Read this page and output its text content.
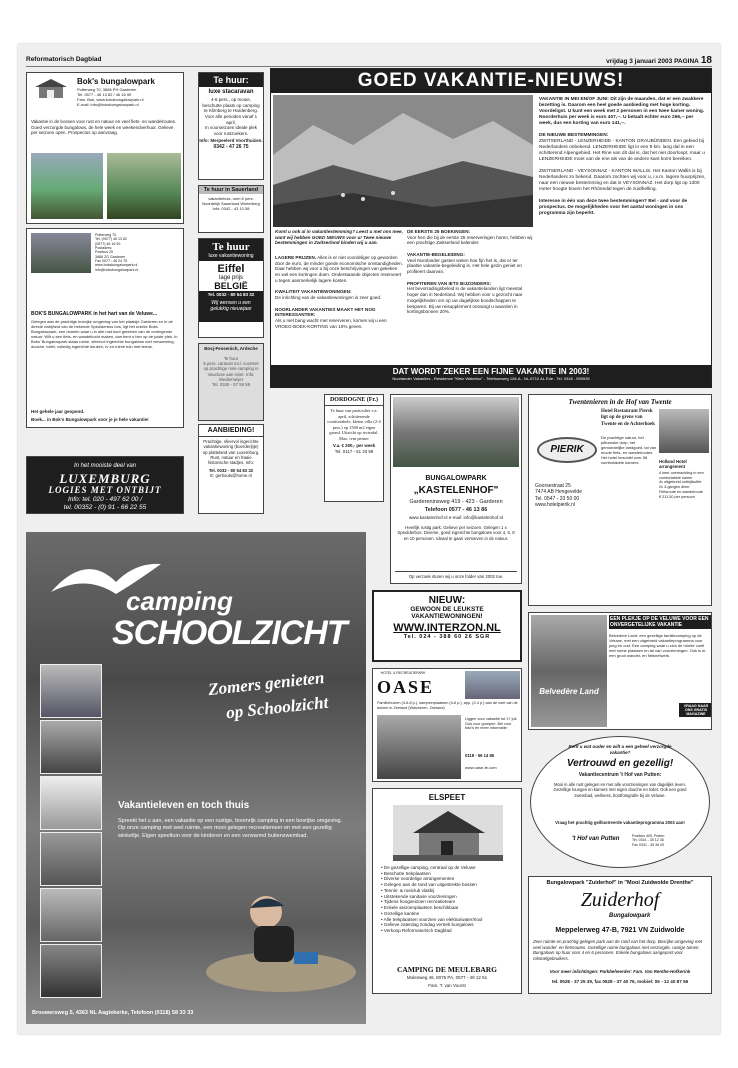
Reformatorisch Dagblad	vrijdag 3 januari 2003 PAGINA 18
Bok's bungalowpark
Putterweg 70, 3886 PH Garderen
Tel. 0577 - 46 13 82 / 46 16 90
Fam. Bok, www.boksbungalowpark.nl
E-mail: info@boksbungalowpark.nl
Vakantie in de bossen voor rust en natuur en veel fiets- en wandelroutes. Goed verzorgde bungalows, de hele week en weekendverhuur. Gelieve per seizoen open. Prospectus op aanvraag.
Putterweg 70
Tel. (0577) 46 13 82
(0577) 46 16 90
Postadres:
Postbus 25
3886 ZG Garderen
Fax 0577 - 46 24 75
www.boksbungalowpark.nl
info@boksbungalowpark.nl
BOK'S BUNGALOWPARK in het hart van de Veluwe...
Gelegen aan de prachtige bosrijke omgeving van het plaatsje Garderen en in de directe nabijheid van de bekende Speulderbos bos, ligt het unieke Boks Bungalowpark, een domein waar u in alle rust kunt genieten van de omringende natuur. Wilt u een fiets- en wandeltocht maken, dan bent u hier op de juiste plek. In Boks' Bungalowpark staan ruime, sfeervol ingerichte bungalows met verwarming, douche, toilet, volledig ingerichte keuken, tv en ruime tuin met terras.
Het gehele jaar geopend.
Boek... in Bok's Bungalowpark voor je je hele vakantie!
In het mooiste deel van
LUXEMBURG
LOGIES MET ONTBIJT
Info: tel. 020 - 497 62 00 /
tel. 00352 - (0) 91 - 66 22 55
Te huur:
luxe stacaravan
4-6 pers., op mooie, beschutte plaats op camping te Klimberg te Hardenberg.
Voor alle perioden vanaf 1 april.
In voorseizoen ideale plek voor rustzoekers.
Info: Merpeelerd Voorthuizen.
0342 - 47 26 75
Te huur in Sauerland
vakantiehuis, ruim 6 pers. Noordelijk Sauerland Winterberg
Info: 0342 - 43 10 58
Te huur
luxe vakantiewoning
Eiffel
lage prijs
BELGIË
Tel. 0032 - 80 54 83 32
Wij wensen u een gelukkig nieuwjaar
Bosj-Fessenich, Ardeche
Te huur
5 pers. caravan incl. voortent op prachtige mini-camping in Vaucluse aan rivier. Info: Wedermeijer
Tel. 0345 - 57 59 59
AANBIEDING!
Prachtige, sfeervol ingerichte vakantiewoning (boerderijtje) op platteland van Luxemburg. Rust, natuur en fraaie historische stadjes. Info:
Tel. 0032 - 80 54 83 32
E: gerbouts@home.nl
GOED VAKANTIE-NIEUWS!
Komt u ook al in vakantiestemming? Leest u met ons mee, want wij hebben GOED NIEUWS voor u! Twee nieuwe bestemmingen in Zwitserland binden wij u aan.
LAGERE PRIJZEN. Alles is er niet voordeliger op geworden door de euro, de minder goede economische omstandigheden. Daar hebben wij voor u bij onze beschrijvingen van gekeken en wel een kortingen doen. Onderstaande objecten reserveert u tegen aanmerkelijk lagere kosten.

KWALITEIT VAKANTIEWONINGEN:
De inrichting van de vakantiewoningen is zeer goed.

NOORLANDER VAKANTIES MAAKT HET NOG INTERESSANTER:
Als u niet bang wacht met reserveren, komen wij u een VROEG-BOEK-KORTING van 10% geven.
DE EERSTE 25 BOEKINGEN:
Voor hen die bij de eerste 25 reserveringen horen, hebben wij een prachtige Zwitserland kalender.

VAKANTIE-BEGELEIDING:
Veel Noorlander gasten weten hoe fijn het is, dat er ter plaatse vakantie-begeleiding is. Het hele gezin geniet en profiteert daarvan.

PROFITEREN VAN IETS BIJZONDERS:
Het bevorradingsbeleid in de vakantielanden ligt meestal hoger dan in Nederland. Wij hebben voor u gezocht naar mogelijkheden om op uw dagelijkse boodschappen te besparen. Bij uw reisupplement ontvangt u waarden in kortingsbonnen 20%.
VAKANTIE IN MEI EN/OF JUNI: Dit zijn de maanden, dat er een zwakkere bezetting is. Daarom een heel goede aanbieding met hoge korting. Voordeligst. U kunt een week met 2 personen in een twee kamer woning. Noorderhuis per week is euro 407,--. U betaalt echter euro 266,-- per week, dus een korting van euro 141,--.

DE NIEUWE BESTEMMINGEN:
ZWITSERLAND - LENZERHEIDE - KANTON GRAUBÜNDEN. Een gebied bij Nederlanders onbekend. LENZERHEIDE ligt in een 8 km. lang dal in een schitterend Alpengebied. Het Rine van dit dal is, dat het niet doorloopt, maar u LENZERHEIDE moet van de ene als van de andere kant komt bereiken.

ZWITSERLAND - VEYSONNAZ - KANTON WALLIS. Het Kanton Wallis is bij Nederlanders zo bekend. Daarom zochten wij voor u, i.v.m. lagere huurprijzen, naar een nieuwe bestemming en dat is VEYSONNAZ. Het dorp ligt op 1300 meter hoogte boven het Rhônedal tegen de zuidhelling.

Interesse in één van deze twee bestemmingen? Bel - and voor de prospectus. De mogelijkheden voor het aantal woningen in ons programma zijn beperkt.
DAT WORDT ZEKER EEN FIJNE VAKANTIE IN 2003!
Noorlander Vakanties - Residence "Klein Waterloo" - Telefoonweg 128-A - NL-6712 AL Ede - Tel. 0318 - 590539
DORDOGNE (Fr.)
Te huur van particulier v.a. april, schitterende comfortabele, kleine villa (2-4 pers.) op 1500 m2 eigen grond. Uitzicht op rivierdal. Max. ivm penser
V.a. € 200,- per week
Tel. 0117 - 61 33 99
BUNGALOWPARK
„KASTELENHOF"
Gardereninsweg 419 - 423 - Garderen
Telefoon 0577 - 46 13 86
www.kastelenhof.nl e-mail: info@kastelenhof.nl
Heerlijk rustig park. Gelieve per seizoen. Gelegen 1 x Speulderbos. Diverse, goed ingerichte bungalows voor 4, 6, 8 en 10 personen. Ideaal te gaan vertoeven in de natuur.
Op verzoek sturen wij u onze folder van 2002 toe.
NIEUW:
GEWOON DE LEUKSTE VAKANTIEWONINGEN!
WWW.INTERZON.NL
Tel. 024 - 388 60 26 SGR
HOTEL & RECREATIEPARK
OASE
Familiehuizen (4-6-8 p.), kampeerplaatsen (4-6 p.), app. (2-4 p.) aan de voet van de duinen in Zeeland (Walcheren, Zeeland)
Liggen voor vakantie tot 17 juli. Ook voor groepen. Bel voor foto's en meer informatie:
0118 - 56 14 85
www.oase-fe.com
ELSPEET
• De gezellige camping, centraal op de Veluwe
• Beschutte trekplaatsen
• Diverse voordelige arrangementen
• Gelegen aan de rand van uitgestrekte bossen
• Tennis- & roeiclub vlakbij
• Uitstekende sanitaire voorzieningen
• Tijdens hoogseizoen recreatieteam
• Enkele seizoenplaatsen beschikbaar
• Gezellige kantine
• Alle trekplaatsen voorzien van elektra/water/riool
• Gelieve zaterdag zondag vertrek bungalows
• Verkoop Reformatorisch Dagblad
CAMPING DE MEULEBARG
Molenweg 46, 8075 PA, 0577 - 49 12 51
Fam. T. van Voorst
camping
SCHOOLZICHT
Zomers genieten
op Schoolzicht
Vakantieleven en toch thuis
Spreekt het u aan, een vakantie op een rustige, boomrijk camping in een bosrijke omgeving. Op onze camping met veel ruimte, een mooi gelegen recreatiemeer en met een gezellig winkeltje. Eigen speeltuin voor de kinderen en een verwarmd buitenzwembad.
Brouwersweg 5, 4363 NL Aagtekerke, Telefoon (0118) 58 33 33
Twentenieren in de Hof van Twente
Hotel Restaurant Piersk ligt op de grens van Twente en de Achterhoek
PIERIK
De prachtige natuur, het pittoreske dorp, het gemoedelijke landgoed, tal van mooie fiets- en wandelroutes. Het hotel beschikt over 58 comfortabele kamers.
Goorsestraat 25
7474 AB Hengevelde
Tel. 0547 - 33 50 00
www.hotelpierik.nl
Holland Hotel arrangement
4 keer overnachting in een comfortabele kamer
4x uitgebreid ontbijtbuffet
2x 3-gangen diner
Fietsroute en wandelroute
€ 211,50 per persoon
Belvedère Land
EEN PLEKJE OP DE VELUWE VOOR EEN ONVERGETELIJKE VAKANTIE
Belvedère Land: een gezellige familiecamping op de Veluwe, met een uitgebreid vakantieprogramma voor jong en oud. Een camping waar u zich de ruimte voelt met ruime plaatsen en tal van voorzieningen. Ook is er een groot wandel- en fietsnetwerk.
VRAAG NAAR ONS GRATIS MAGAZINE
Bent u wat ouder en wilt u een geheel verzorgde vakantie?
Vertrouwd en gezellig!
Vakantiecentrum 't Hof van Putten:
Mooi in alle rust gelegen en met alle voorzieningen van dagelijks leven. Gezellige lounges en kamers met eigen douche en toilet. Ook een goed zwembad, wellness, bootfotografie bij de Veluwe.
Vraag het prachtig geillustreerde vakantieprogramma 2003 aan!
't Hof van Putten	Postbus 400, Putten
Tel. 0341 - 35 12 36
Fax 0341 - 35 36 00
Bungalowpark "Zuiderhof" in "Mooi Zuidwolde Drenthe"
Zuiderhof
Bungalowpark
Meppelerweg 47-B, 7921 VN Zuidwolde
Zeer ruimte en prachtig gelegen park aan de rand van het dorp. Bosrijke omgeving met veel wandel- en fietsroutes. Gezellige ruime bungalows met verzorgde, rustige tuinen. Bungalows op huur voor 4 en 6 personen. Enkele bungalows aangepast voor rolstoelgebruikers.
Voor meer inlichtingen: Parkbeheerder: Fam. Van Renthe-Hofkerink
tel. 0528 - 37 25 39, fax 0528 - 37 40 76, mobiel: 06 - 12 40 87 56
